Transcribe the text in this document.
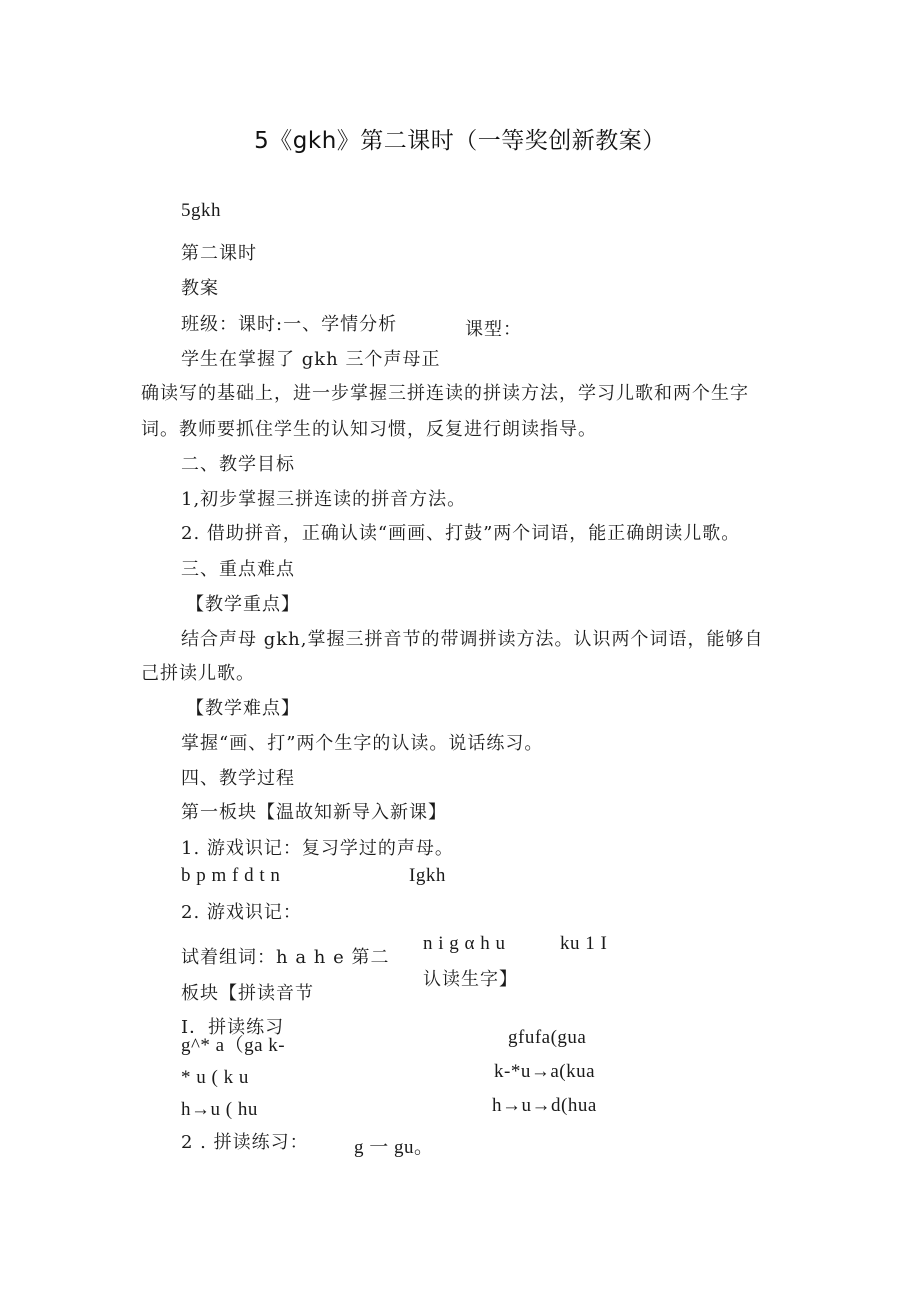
5《gkh》第二课时（一等奖创新教案）
5gkh
第二课时
教案
班级：课时:一、学情分析	课型：
学生在掌握了 gkh 三个声母正
确读写的基础上，进一步掌握三拼连读的拼读方法，学习儿歌和两个生字
词。教师要抓住学生的认知习惯，反复进行朗读指导。
二、教学目标
1,初步掌握三拼连读的拼音方法。
2. 借助拼音，正确认读“画画、打鼓”两个词语，能正确朗读儿歌。
三、重点难点
【教学重点】
结合声母 gkh,掌握三拼音节的带调拼读方法。认识两个词语，能够自
己拼读儿歌。
【教学难点】
掌握“画、打”两个生字的认读。说话练习。
四、教学过程
第一板块【温故知新导入新课】
1. 游戏识记：复习学过的声母。
b p m f d t n	Igkh
2. 游戏识记：
n i g α h u	ku 1 I
试着组词：h a h e 第二
认读生字】
板块【拼读音节
I．拼读练习
g^* a（ga k-	gfufa(gua
* u ( k u	k-*u→a(kua
h→u ( hu	h→u→d(hua
2 . 拼读练习： g 一 gu。
